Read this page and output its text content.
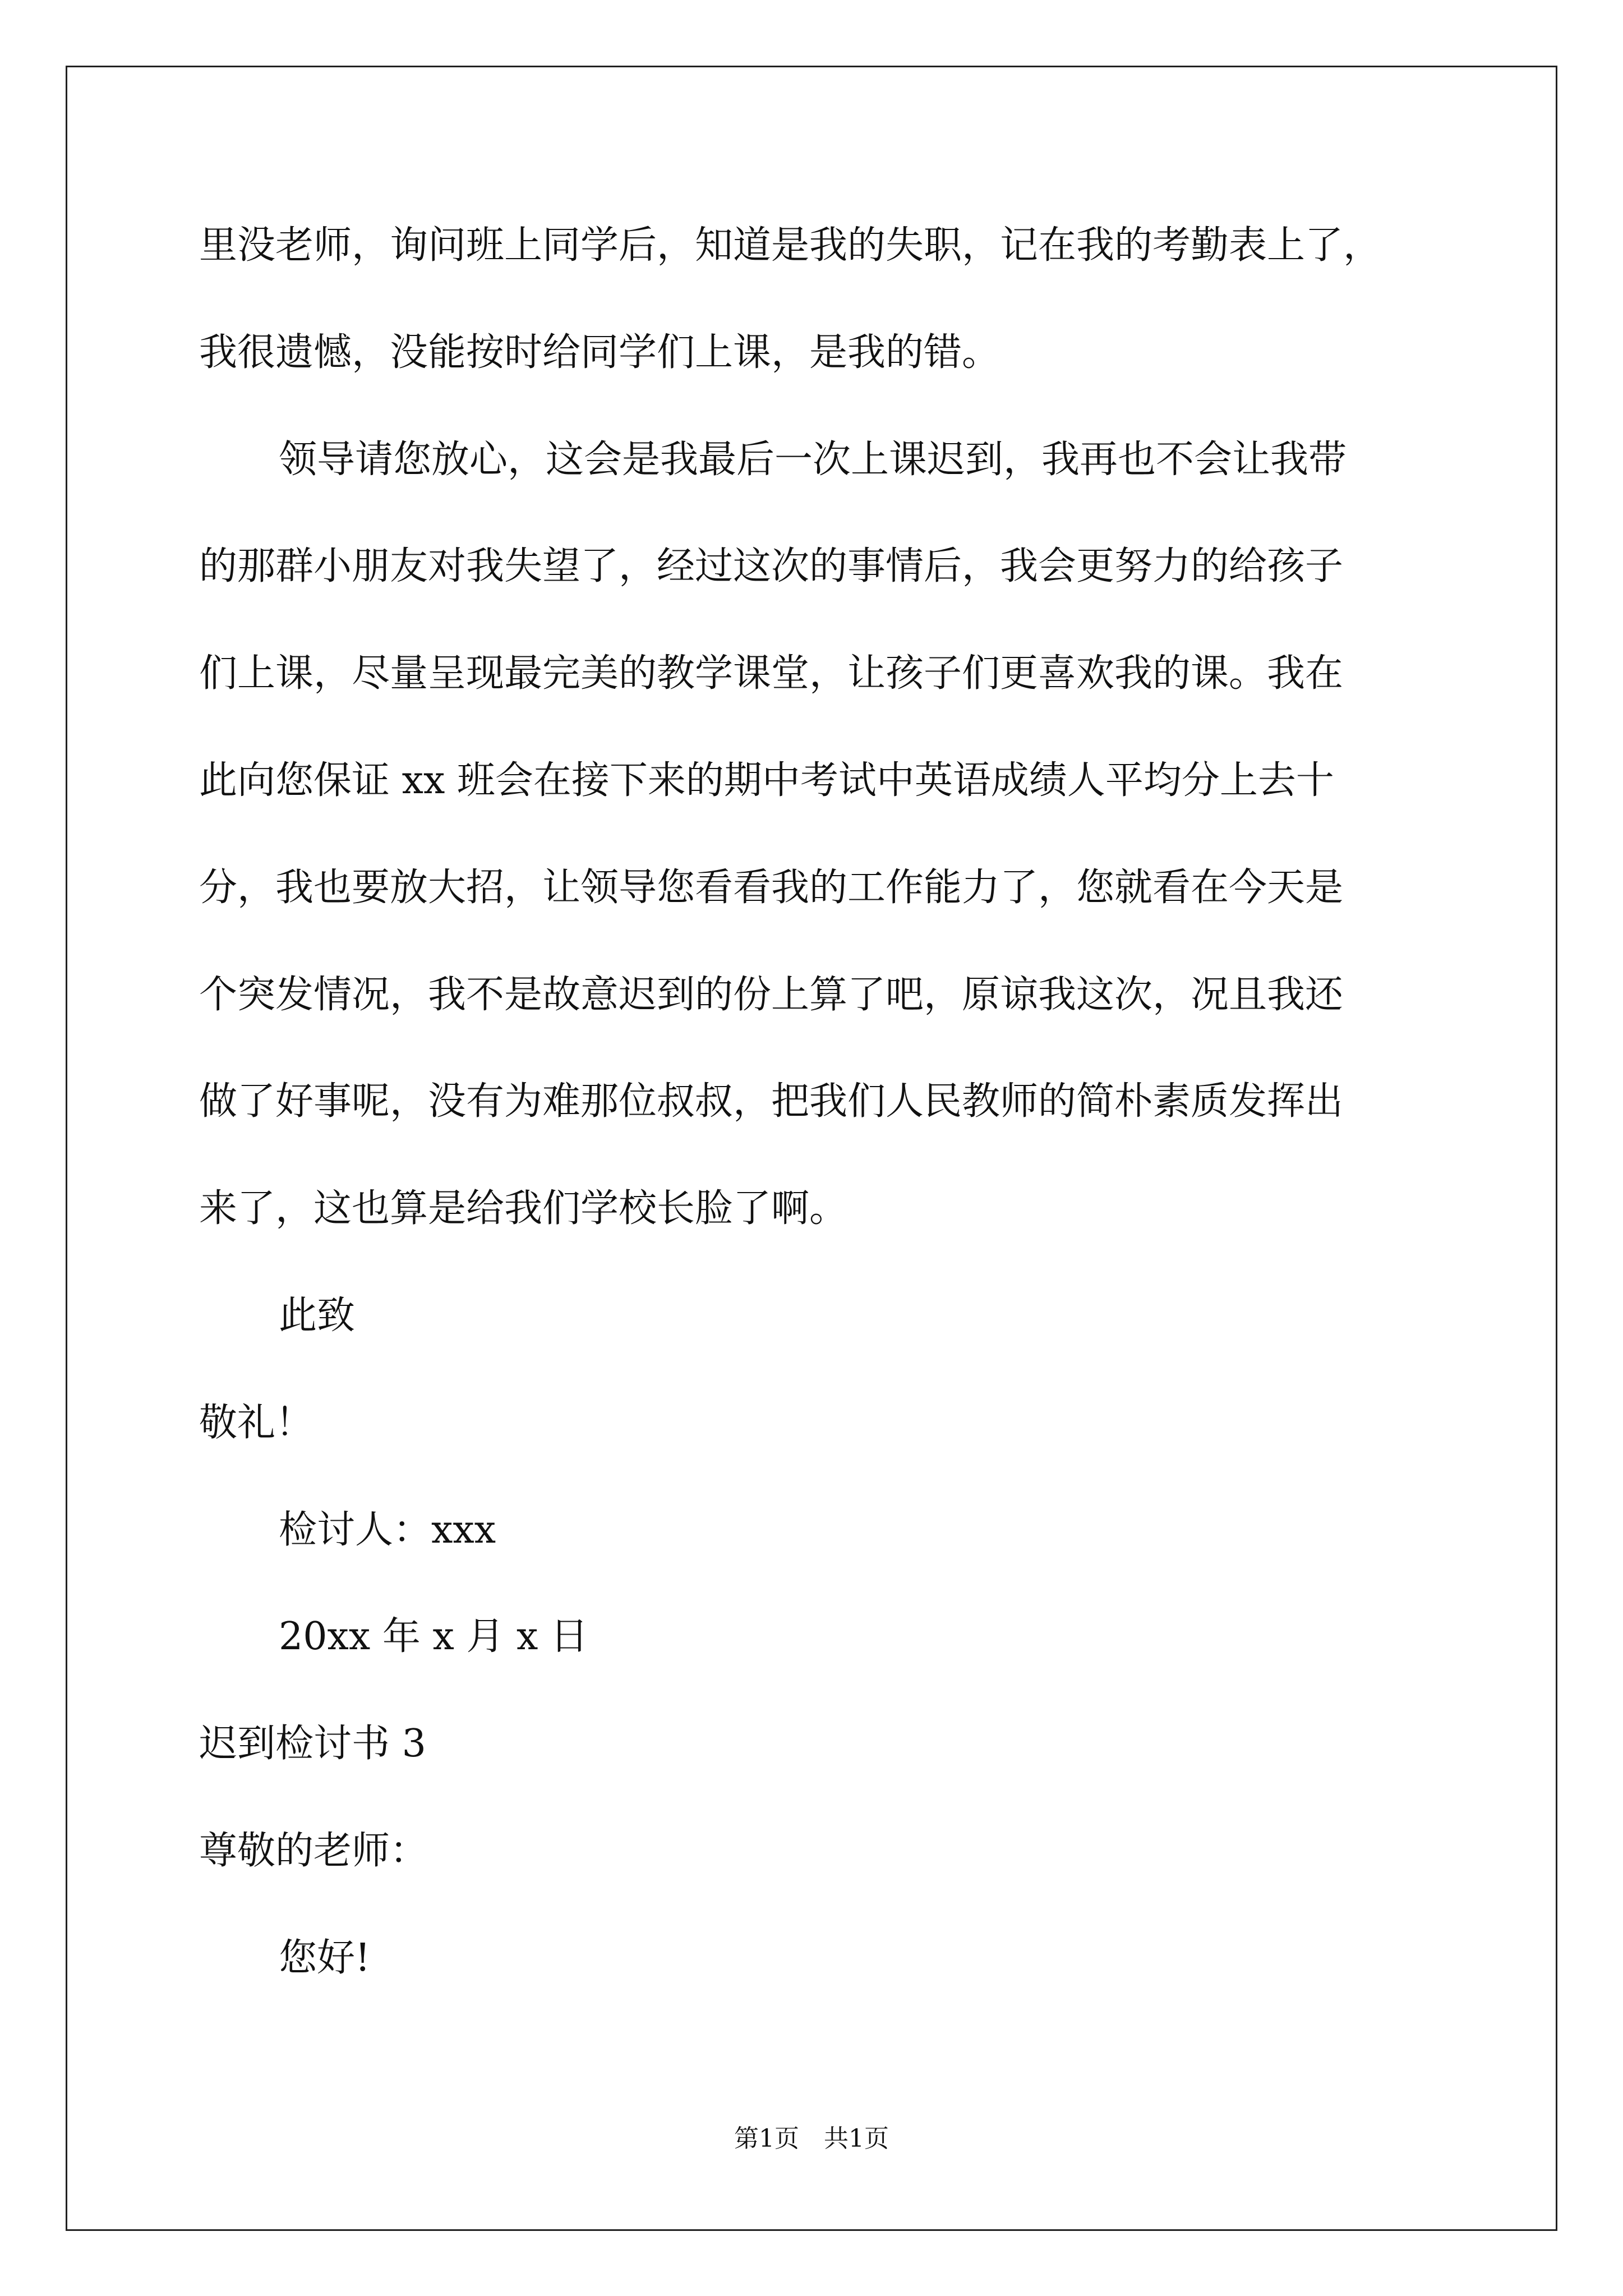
里没老师，询问班上同学后，知道是我的失职，记在我的考勤表上了，
我很遗憾，没能按时给同学们上课，是我的错。
领导请您放心，这会是我最后一次上课迟到，我再也不会让我带
的那群小朋友对我失望了，经过这次的事情后，我会更努力的给孩子
们上课，尽量呈现最完美的教学课堂，让孩子们更喜欢我的课。我在
此向您保证 xx 班会在接下来的期中考试中英语成绩人平均分上去十
分，我也要放大招，让领导您看看我的工作能力了，您就看在今天是
个突发情况，我不是故意迟到的份上算了吧，原谅我这次，况且我还
做了好事呢，没有为难那位叔叔，把我们人民教师的简朴素质发挥出
来了，这也算是给我们学校长脸了啊。
此致
敬礼！
检讨人：xxx
20xx 年 x 月 x 日
迟到检讨书 3
尊敬的老师：
您好!
第1页　共1页
